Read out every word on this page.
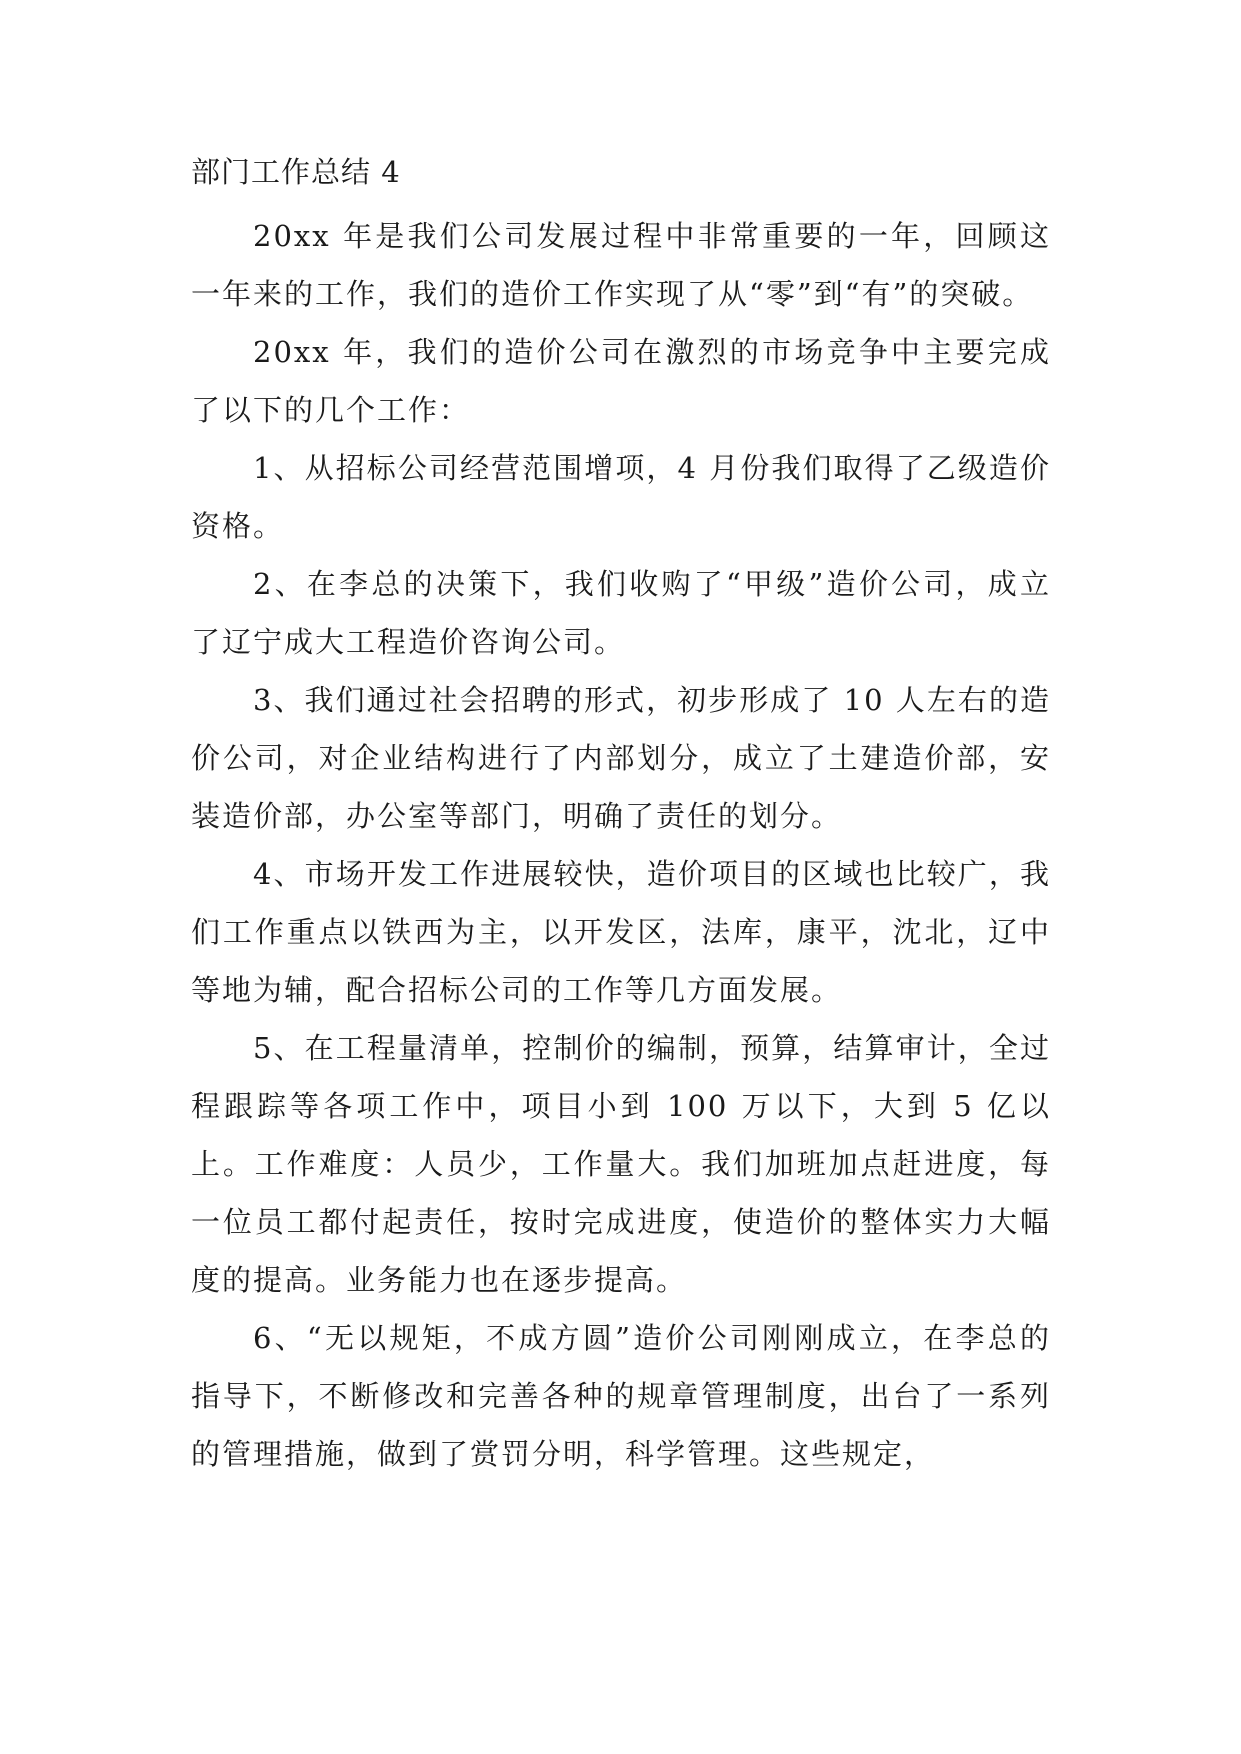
部门工作总结 4

20xx 年是我们公司发展过程中非常重要的一年，回顾这一年来的工作，我们的造价工作实现了从“零”到“有”的突破。

20xx 年，我们的造价公司在激烈的市场竞争中主要完成了以下的几个工作：

1、从招标公司经营范围增项，4 月份我们取得了乙级造价资格。

2、在李总的决策下，我们收购了“甲级”造价公司，成立了辽宁成大工程造价咨询公司。

3、我们通过社会招聘的形式，初步形成了 10 人左右的造价公司，对企业结构进行了内部划分，成立了土建造价部，安装造价部，办公室等部门，明确了责任的划分。

4、市场开发工作进展较快，造价项目的区域也比较广，我们工作重点以铁西为主，以开发区，法库，康平，沈北，辽中等地为辅，配合招标公司的工作等几方面发展。

5、在工程量清单，控制价的编制，预算，结算审计，全过程跟踪等各项工作中，项目小到 100 万以下，大到 5 亿以上。工作难度：人员少，工作量大。我们加班加点赶进度，每一位员工都付起责任，按时完成进度，使造价的整体实力大幅度的提高。业务能力也在逐步提高。

6、“无以规矩，不成方圆”造价公司刚刚成立，在李总的指导下，不断修改和完善各种的规章管理制度，出台了一系列的管理措施，做到了赏罚分明，科学管理。这些规定，
